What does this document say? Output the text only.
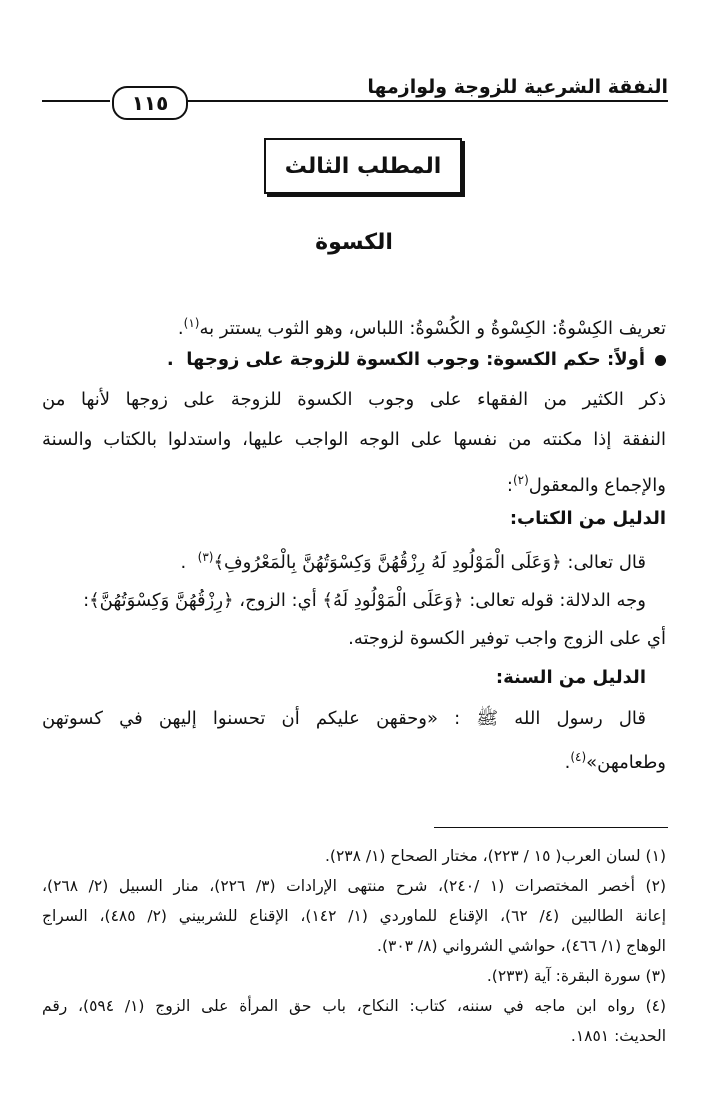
النفقة الشرعية للزوجة ولوازمها
١١٥
المطلب الثالث
الكسوة
تعريف الكِسْوةُ: الكِسْوةُ و الكُسْوةُ: اللباس، وهو الثوب يستتر به$^{(١)}$.
أولاً: حكم الكسوة: وجوب الكسوة للزوجة على زوجها  .
ذكر الكثير من الفقهاء على وجوب الكسوة للزوجة على زوجها لأنها من
النفقة إذا مكنته من نفسها على الوجه الواجب عليها، واستدلوا بالكتاب والسنة
والإجماع والمعقول$^{(٢)}$:
الدليل من الكتاب:
قال تعالى: ﴿وَعَلَى الْمَوْلُودِ لَهُ رِزْقُهُنَّ وَكِسْوَتُهُنَّ بِالْمَعْرُوفِ﴾$^{(٣)}$  .
وجه الدلالة: قوله تعالى: ﴿وَعَلَى الْمَوْلُودِ لَهُ﴾ أي: الزوج، ﴿رِزْقُهُنَّ وَكِسْوَتُهُنَّ﴾:
أي على الزوج واجب توفير الكسوة لزوجته.
الدليل من السنة:
قال رسول الله ﷺ : «وحقهن عليكم أن تحسنوا إليهن في كسوتهن
وطعامهن»$^{(٤)}$.
(١) لسان العرب( ١٥ / ٢٢٣)، مختار الصحاح (١/ ٢٣٨).
(٢) أخصر المختصرات (١ /٢٤٠)، شرح منتهى الإرادات (٣/ ٢٢٦)، منار السبيل (٢/ ٢٦٨)،
إعانة الطالبين (٤/ ٦٢)، الإقناع للماوردي (١/ ١٤٢)، الإقناع للشربيني (٢/ ٤٨٥)، السراج
الوهاج (١/ ٤٦٦)، حواشي الشرواني (٨/ ٣٠٣).
(٣) سورة البقرة: آية (٢٣٣).
(٤) رواه ابن ماجه في سننه، كتاب: النكاح، باب حق المرأة على الزوج (١/ ٥٩٤)، رقم
الحديث: ١٨٥١.
